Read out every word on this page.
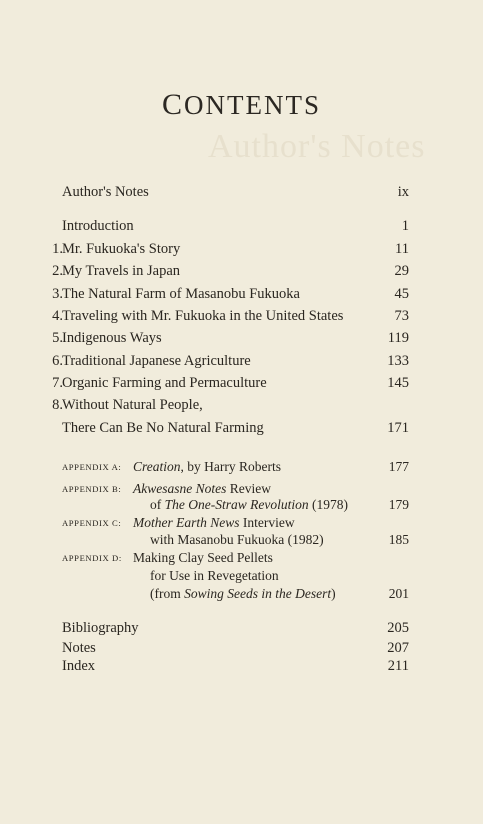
Author's Notes
CONTENTS
Author's Notes	ix
Introduction	1
1. Mr. Fukuoka's Story	11
2. My Travels in Japan	29
3. The Natural Farm of Masanobu Fukuoka	45
4. Traveling with Mr. Fukuoka in the United States	73
5. Indigenous Ways	119
6. Traditional Japanese Agriculture	133
7. Organic Farming and Permaculture	145
8. Without Natural People,
There Can Be No Natural Farming	171
APPENDIX A: Creation, by Harry Roberts	177
APPENDIX B: Akwesasne Notes Review
of The One-Straw Revolution (1978)	179
APPENDIX C: Mother Earth News Interview
with Masanobu Fukuoka (1982)	185
APPENDIX D: Making Clay Seed Pellets
for Use in Revegetation
(from Sowing Seeds in the Desert)	201
Bibliography	205
Notes	207
Index	211
